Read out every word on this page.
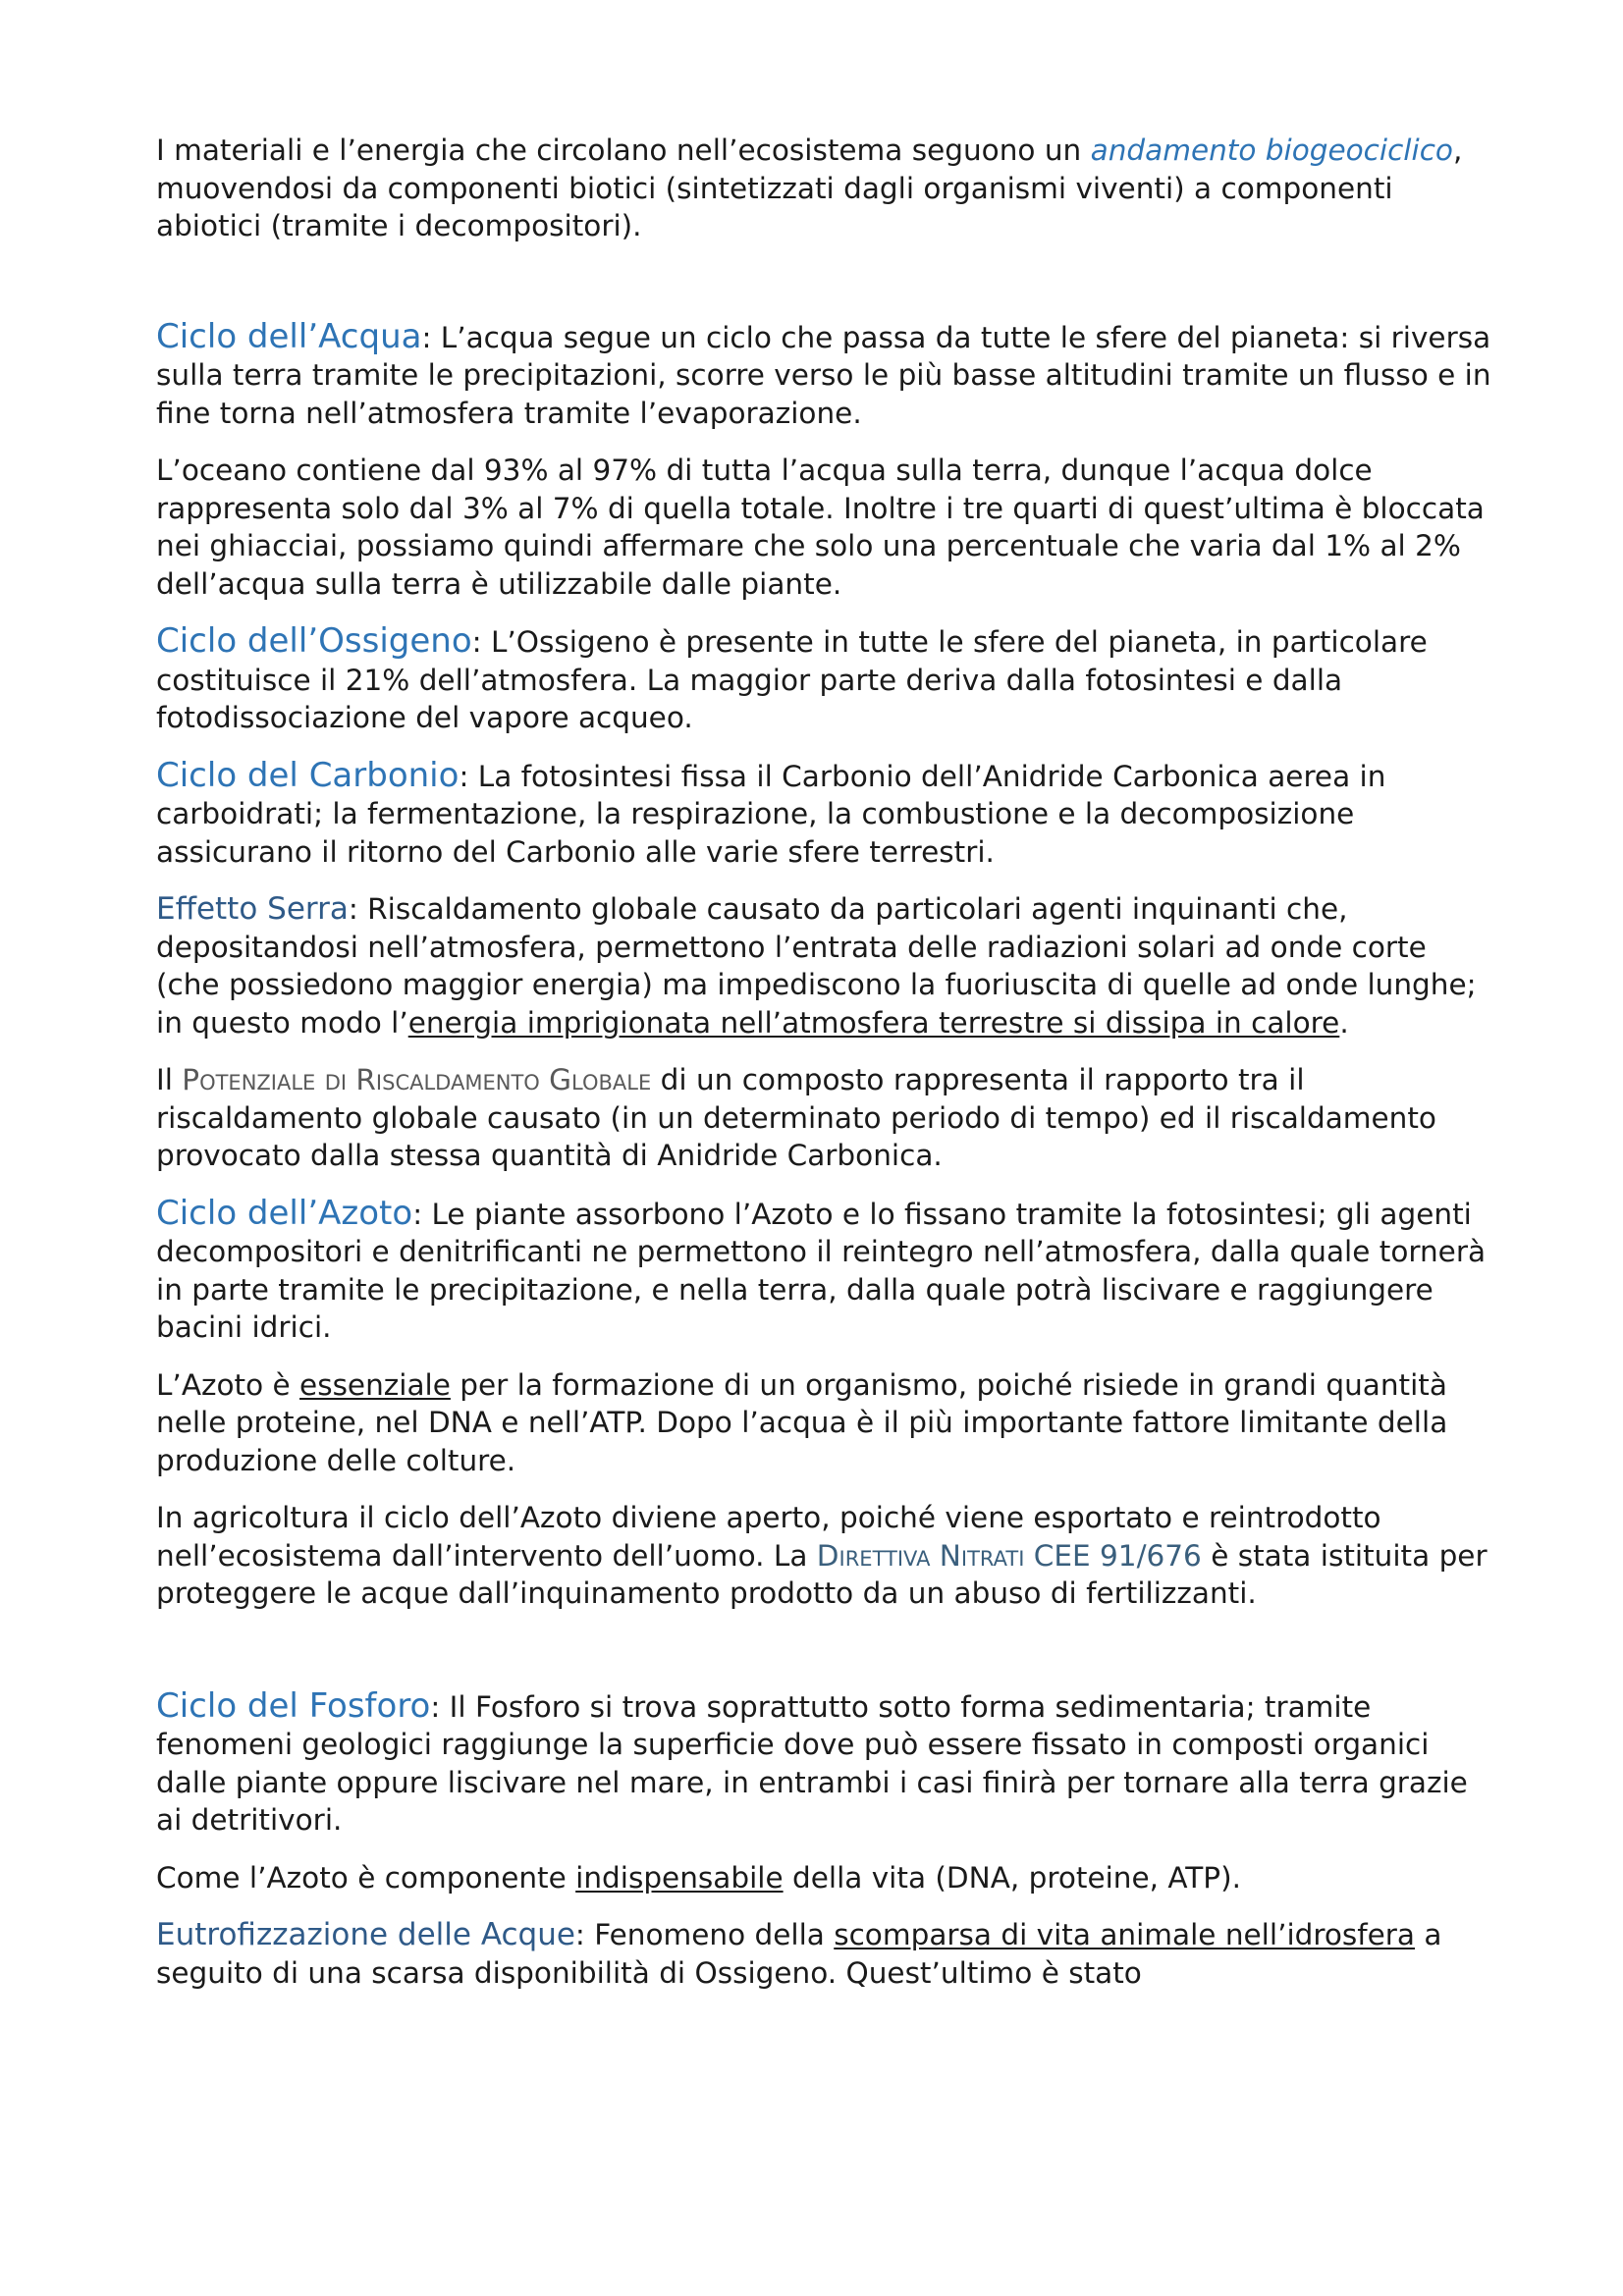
I materiali e l’energia che circolano nell’ecosistema seguono un andamento biogeociclico, muovendosi da componenti biotici (sintetizzati dagli organismi viventi) a componenti abiotici (tramite i decompositori).

Ciclo dell’Acqua: L’acqua segue un ciclo che passa da tutte le sfere del pianeta: si riversa sulla terra tramite le precipitazioni, scorre verso le più basse altitudini tramite un flusso e in fine torna nell’atmosfera tramite l’evaporazione.

L’oceano contiene dal 93% al 97% di tutta l’acqua sulla terra, dunque l’acqua dolce rappresenta solo dal 3% al 7% di quella totale. Inoltre i tre quarti di quest’ultima è bloccata nei ghiacciai, possiamo quindi affermare che solo una percentuale che varia dal 1% al 2% dell’acqua sulla terra è utilizzabile dalle piante.

Ciclo dell’Ossigeno: L’Ossigeno è presente in tutte le sfere del pianeta, in particolare costituisce il 21% dell’atmosfera. La maggior parte deriva dalla fotosintesi e dalla fotodissociazione del vapore acqueo.

Ciclo del Carbonio: La fotosintesi fissa il Carbonio dell’Anidride Carbonica aerea in carboidrati; la fermentazione, la respirazione, la combustione e la decomposizione assicurano il ritorno del Carbonio alle varie sfere terrestri.

Effetto Serra: Riscaldamento globale causato da particolari agenti inquinanti che, depositandosi nell’atmosfera, permettono l’entrata delle radiazioni solari ad onde corte (che possiedono maggior energia) ma impediscono la fuoriuscita di quelle ad onde lunghe; in questo modo l’energia imprigionata nell’atmosfera terrestre si dissipa in calore.

Il Potenziale di Riscaldamento Globale di un composto rappresenta il rapporto tra il riscaldamento globale causato (in un determinato periodo di tempo) ed il riscaldamento provocato dalla stessa quantità di Anidride Carbonica.

Ciclo dell’Azoto: Le piante assorbono l’Azoto e lo fissano tramite la fotosintesi; gli agenti decompositori e denitrificanti ne permettono il reintegro nell’atmosfera, dalla quale tornerà in parte tramite le precipitazione, e nella terra, dalla quale potrà liscivare e raggiungere bacini idrici.

L’Azoto è essenziale per la formazione di un organismo, poiché risiede in grandi quantità nelle proteine, nel DNA e nell’ATP. Dopo l’acqua è il più importante fattore limitante della produzione delle colture.

In agricoltura il ciclo dell’Azoto diviene aperto, poiché viene esportato e reintrodotto nell’ecosistema dall’intervento dell’uomo. La Direttiva Nitrati CEE 91/676 è stata istituita per proteggere le acque dall’inquinamento prodotto da un abuso di fertilizzanti.

Ciclo del Fosforo: Il Fosforo si trova soprattutto sotto forma sedimentaria; tramite fenomeni geologici raggiunge la superficie dove può essere fissato in composti organici dalle piante oppure liscivare nel mare, in entrambi i casi finirà per tornare alla terra grazie ai detritivori.

Come l’Azoto è componente indispensabile della vita (DNA, proteine, ATP).

Eutrofizzazione delle Acque: Fenomeno della scomparsa di vita animale nell’idrosfera a seguito di una scarsa disponibilità di Ossigeno. Quest’ultimo è stato
